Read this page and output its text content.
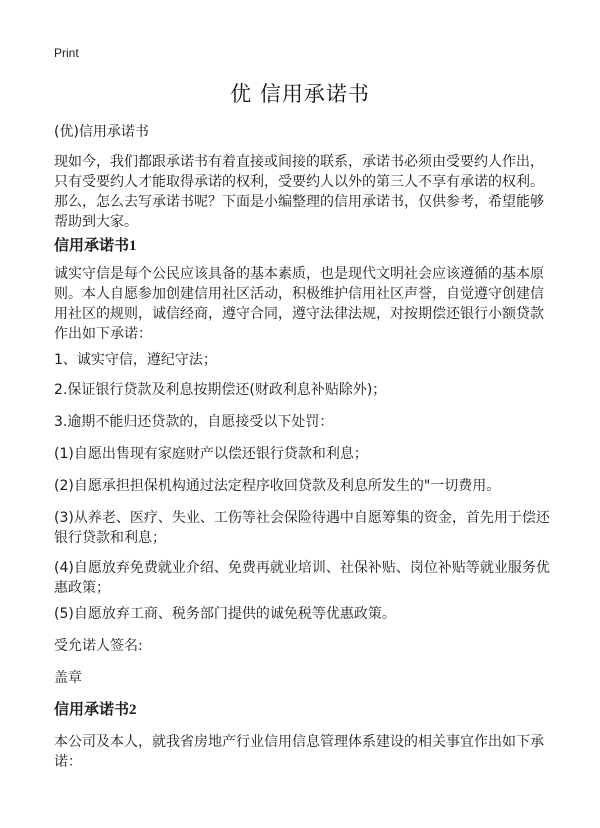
Print
优 信用承诺书
(优)信用承诺书
现如今，我们都跟承诺书有着直接或间接的联系，承诺书必须由受要约人作出，只有受要约人才能取得承诺的权利，受要约人以外的第三人不享有承诺的权利。那么，怎么去写承诺书呢？下面是小编整理的信用承诺书，仅供参考，希望能够帮助到大家。
信用承诺书1
诚实守信是每个公民应该具备的基本素质，也是现代文明社会应该遵循的基本原则。本人自愿参加创建信用社区活动，积极维护信用社区声誉，自觉遵守创建信用社区的规则，诚信经商，遵守合同，遵守法律法规，对按期偿还银行小额贷款作出如下承诺：
1、诚实守信，遵纪守法；
2.保证银行贷款及利息按期偿还(财政利息补贴除外)；
3.逾期不能归还贷款的，自愿接受以下处罚：
(1)自愿出售现有家庭财产以偿还银行贷款和利息；
(2)自愿承担担保机构通过法定程序收回贷款及利息所发生的"一切费用。
(3)从养老、医疗、失业、工伤等社会保险待遇中自愿筹集的资金，首先用于偿还银行贷款和利息；
(4)自愿放弃免费就业介绍、免费再就业培训、社保补贴、岗位补贴等就业服务优惠政策；
(5)自愿放弃工商、税务部门提供的诚免税等优惠政策。
受允诺人签名:
盖章
信用承诺书2
本公司及本人，就我省房地产行业信用信息管理体系建设的相关事宜作出如下承诺：
